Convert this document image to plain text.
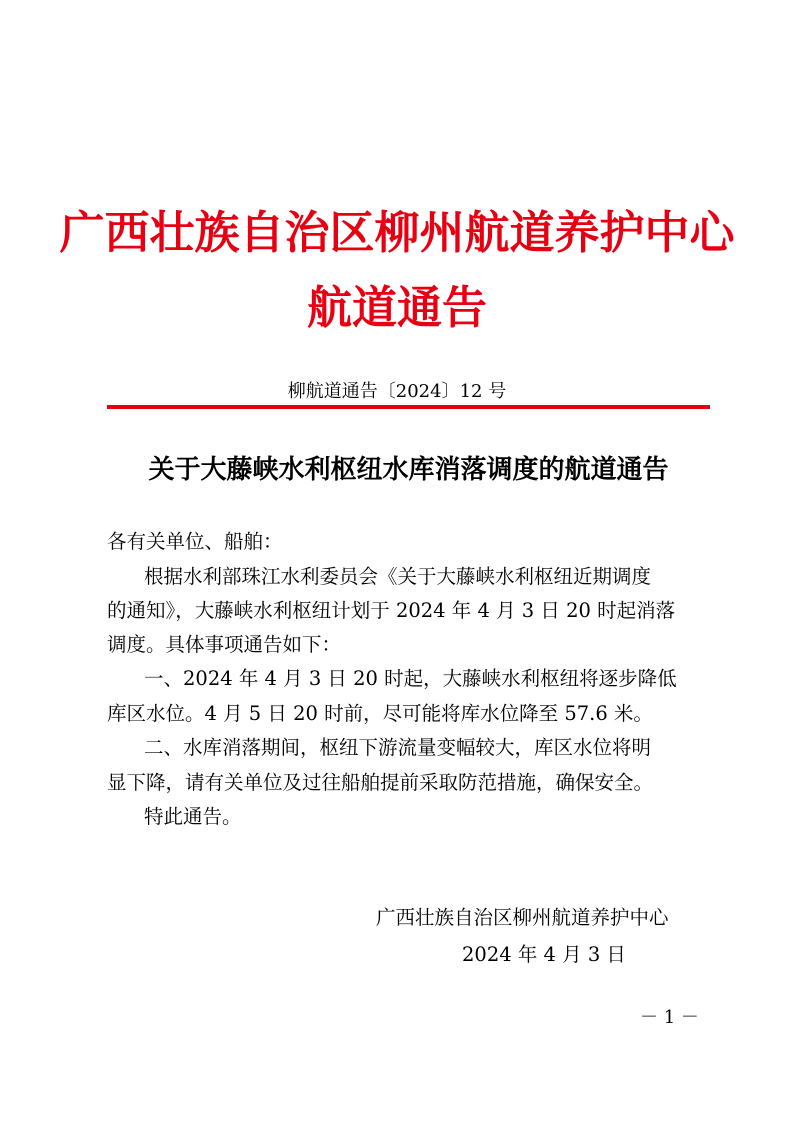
广西壮族自治区柳州航道养护中心
航道通告
柳航道通告〔2024〕12 号
关于大藤峡水利枢纽水库消落调度的航道通告
各有关单位、船舶：
根据水利部珠江水利委员会《关于大藤峡水利枢纽近期调度
的通知》，大藤峡水利枢纽计划于 2024 年 4 月 3 日 20 时起消落
调度。具体事项通告如下：
一、2024 年 4 月 3 日 20 时起，大藤峡水利枢纽将逐步降低
库区水位。4 月 5 日 20 时前，尽可能将库水位降至 57.6 米。
二、水库消落期间，枢纽下游流量变幅较大，库区水位将明
显下降，请有关单位及过往船舶提前采取防范措施，确保安全。
特此通告。
广西壮族自治区柳州航道养护中心
2024 年 4 月 3 日
－ 1 －
